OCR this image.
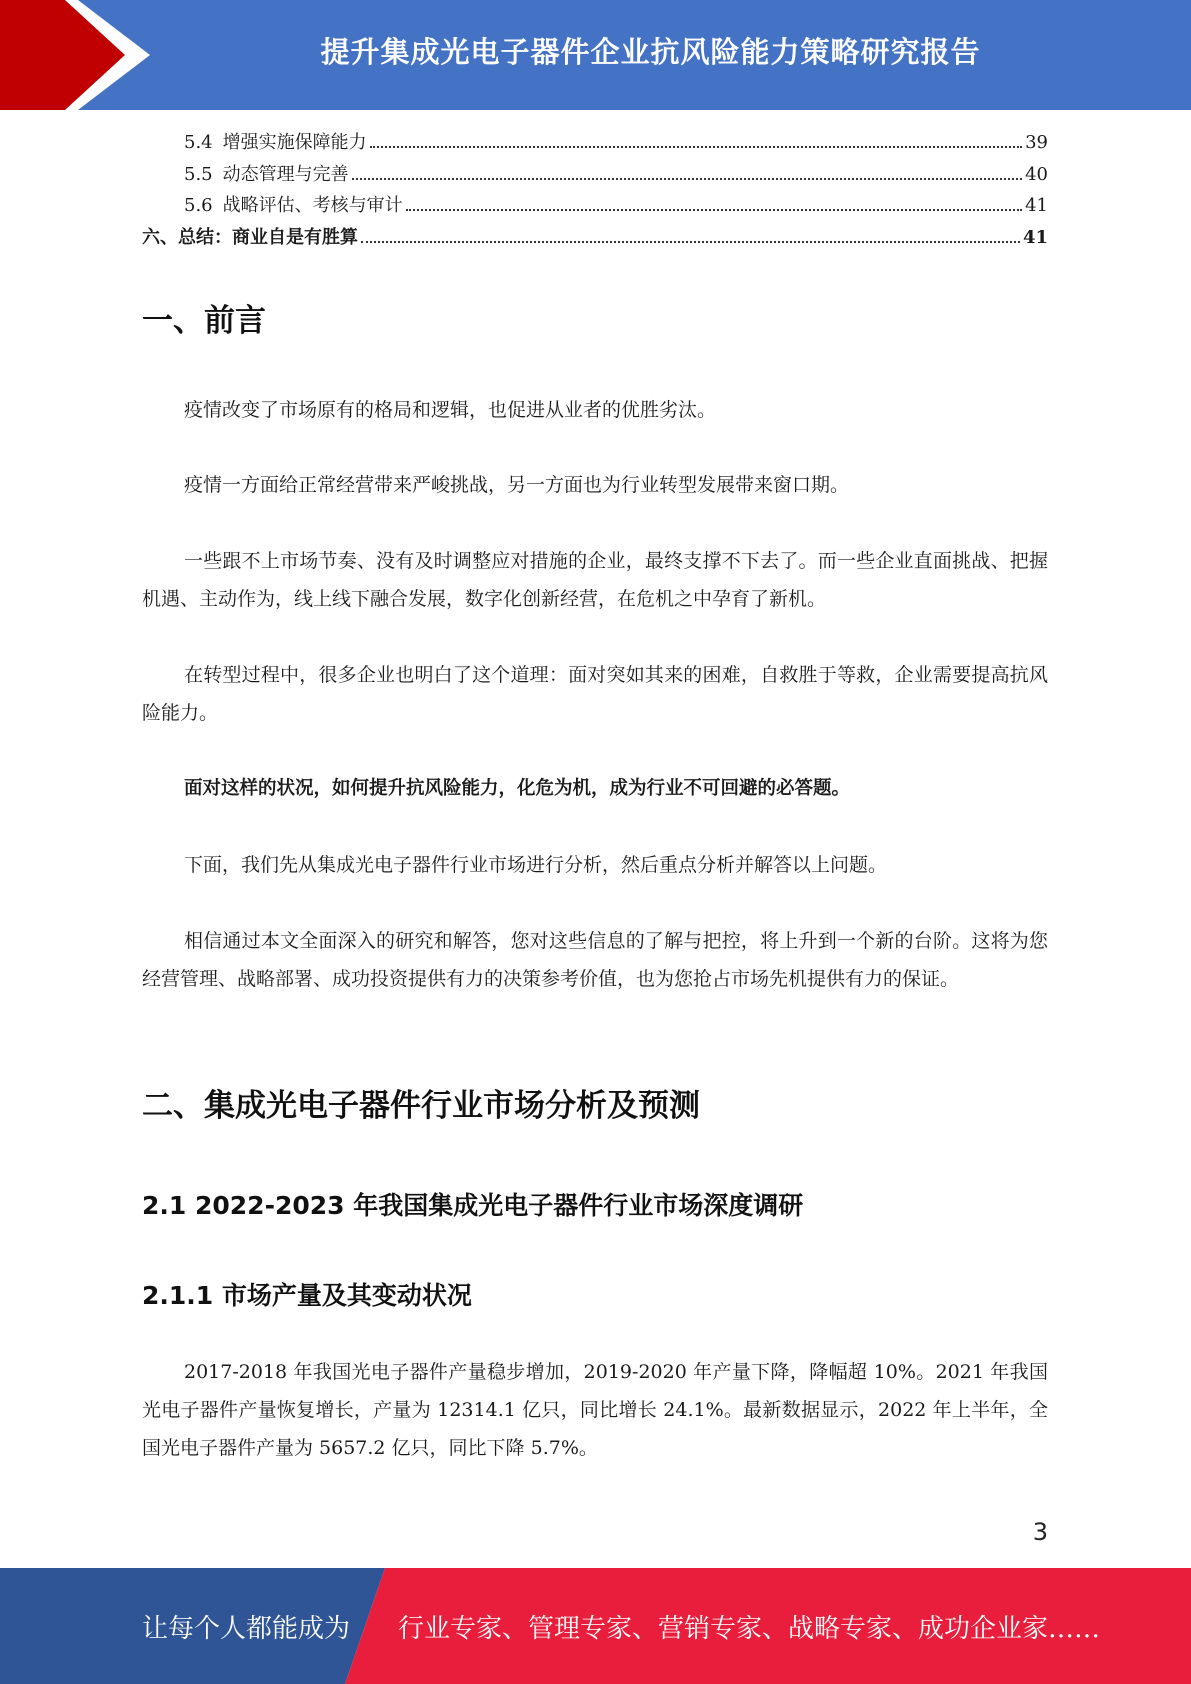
提升集成光电子器件企业抗风险能力策略研究报告
5.4 增强实施保障能力	39
5.5 动态管理与完善	40
5.6 战略评估、考核与审计	41
六、总结：商业自是有胜算	41
一、前言

疫情改变了市场原有的格局和逻辑，也促进从业者的优胜劣汰。

疫情一方面给正常经营带来严峻挑战，另一方面也为行业转型发展带来窗口期。

一些跟不上市场节奏、没有及时调整应对措施的企业，最终支撑不下去了。而一些企业直面挑战、把握机遇、主动作为，线上线下融合发展，数字化创新经营，在危机之中孕育了新机。

在转型过程中，很多企业也明白了这个道理：面对突如其来的困难，自救胜于等救，企业需要提高抗风险能力。

面对这样的状况，如何提升抗风险能力，化危为机，成为行业不可回避的必答题。

下面，我们先从集成光电子器件行业市场进行分析，然后重点分析并解答以上问题。

相信通过本文全面深入的研究和解答，您对这些信息的了解与把控，将上升到一个新的台阶。这将为您经营管理、战略部署、成功投资提供有力的决策参考价值，也为您抢占市场先机提供有力的保证。

二、集成光电子器件行业市场分析及预测
2.1 2022-2023 年我国集成光电子器件行业市场深度调研
2.1.1 市场产量及其变动状况

2017-2018 年我国光电子器件产量稳步增加，2019-2020 年产量下降，降幅超 10%。2021 年我国光电子器件产量恢复增长，产量为 12314.1 亿只，同比增长 24.1%。最新数据显示，2022 年上半年，全国光电子器件产量为 5657.2 亿只，同比下降 5.7%。

3
让每个人都能成为 行业专家、管理专家、营销专家、战略专家、成功企业家……
